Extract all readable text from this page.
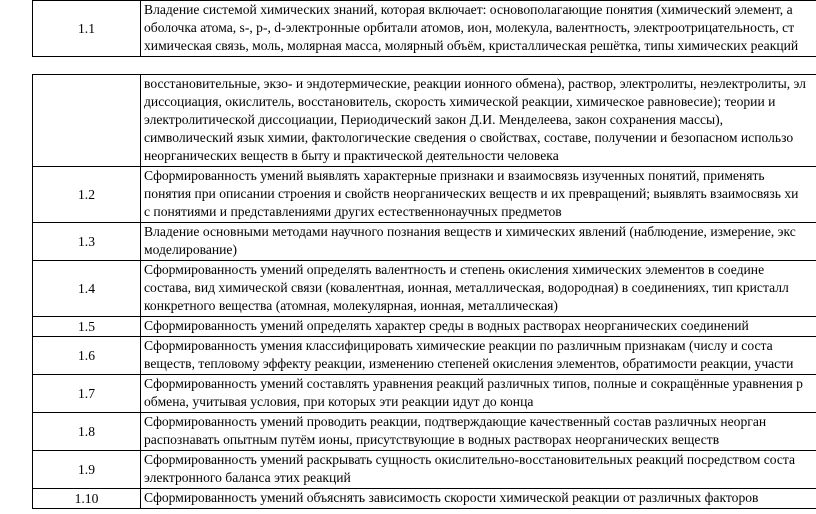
1.1	
Владение системой химических знаний, которая включает: основополагающие понятия (химический элемент, а
оболочка атома, s-, p-, d-электронные орбитали атомов, ион, молекула, валентность, электроотрицательность, ст
химическая связь, моль, молярная масса, молярный объём, кристаллическая решётка, типы химических реакций

	восстановительные, экзо- и эндотермические, реакции ионного обмена), раствор, электролиты, неэлектролиты, эл
диссоциация, окислитель, восстановитель, скорость химической реакции, химическое равновесие); теории и
электролитической диссоциации, Периодический закон Д.И. Менделеева, закон сохранения массы),
символический язык химии, фактологические сведения о свойствах, составе, получении и безопасном использо
неорганических веществ в быту и практической деятельности человека

1.2	Сформированность умений выявлять характерные признаки и взаимосвязь изученных понятий, применять
понятия при описании строения и свойств неорганических веществ и их превращений; выявлять взаимосвязь хи
с понятиями и представлениями других естественнонаучных предметов

1.3	Владение основными методами научного познания веществ и химических явлений (наблюдение, измерение, экс
моделирование)

1.4	Сформированность умений определять валентность и степень окисления химических элементов в соедине
состава, вид химической связи (ковалентная, ионная, металлическая, водородная) в соединениях, тип кристалл
конкретного вещества (атомная, молекулярная, ионная, металлическая)

1.5	Сформированность умений определять характер среды в водных растворах неорганических соединений

1.6	Сформированность умения классифицировать химические реакции по различным признакам (числу и соста
веществ, тепловому эффекту реакции, изменению степеней окисления элементов, обратимости реакции, участи

1.7	Сформированность умений составлять уравнения реакций различных типов, полные и сокращённые уравнения р
обмена, учитывая условия, при которых эти реакции идут до конца

1.8	Сформированность умений проводить реакции, подтверждающие качественный состав различных неорган
распознавать опытным путём ионы, присутствующие в водных растворах неорганических веществ

1.9	Сформированность умений раскрывать сущность окислительно-восстановительных реакций посредством соста
электронного баланса этих реакций

1.10	Сформированность умений объяснять зависимость скорости химической реакции от различных факторов
